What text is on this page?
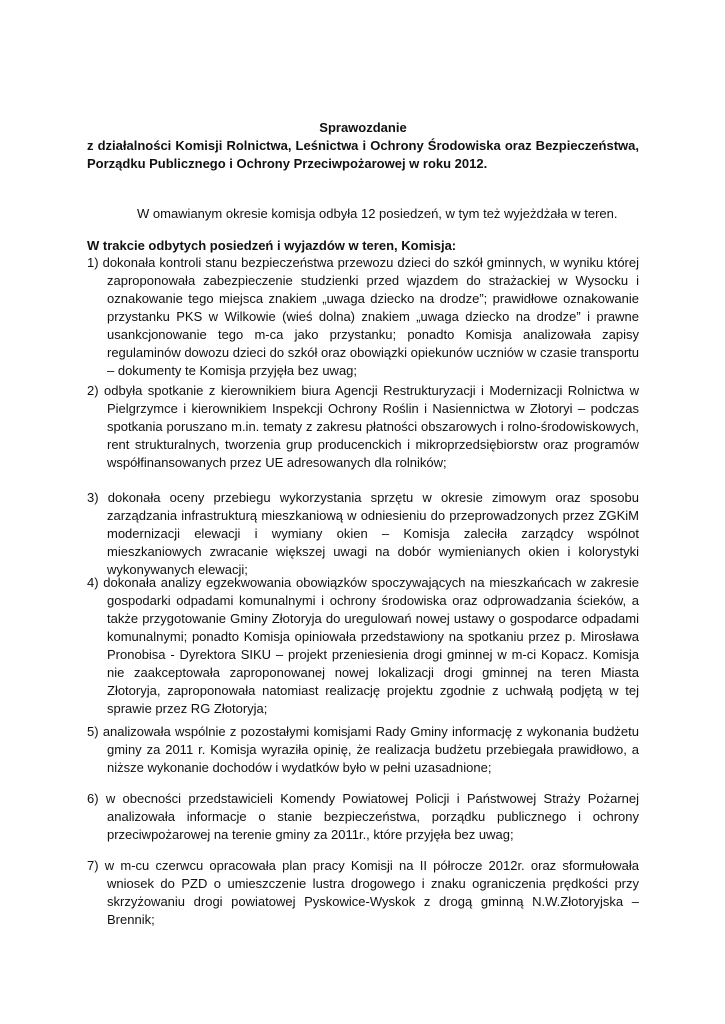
Sprawozdanie
z działalności Komisji Rolnictwa, Leśnictwa i Ochrony Środowiska oraz Bezpieczeństwa,
Porządku Publicznego i Ochrony Przeciwpożarowej w roku 2012.
W omawianym okresie komisja odbyła 12 posiedzeń, w tym też wyjeżdżała w teren.
W trakcie odbytych posiedzeń i wyjazdów w teren, Komisja:
1) dokonała kontroli stanu bezpieczeństwa przewozu dzieci do szkół gminnych, w wyniku której zaproponowała zabezpieczenie studzienki przed wjazdem do strażackiej w Wysocku i oznakowanie tego miejsca znakiem „uwaga dziecko na drodze”; prawidłowe oznakowanie przystanku PKS w Wilkowie (wieś dolna) znakiem „uwaga dziecko na drodze” i prawne usankcjonowanie tego m-ca jako przystanku; ponadto Komisja analizowała zapisy regulaminów dowozu dzieci do szkół oraz obowiązki opiekunów uczniów w czasie transportu – dokumenty te Komisja przyjęła bez uwag;
2) odbyła spotkanie z kierownikiem biura Agencji Restrukturyzacji i Modernizacji Rolnictwa w Pielgrzymce i kierownikiem Inspekcji Ochrony Roślin i Nasiennictwa w Złotoryi – podczas spotkania poruszano m.in. tematy z zakresu płatności obszarowych i rolno-środowiskowych, rent strukturalnych, tworzenia grup producenckich i mikroprzedsiębiorstw oraz programów współfinansowanych przez UE adresowanych dla rolników;
3) dokonała oceny przebiegu wykorzystania sprzętu w okresie zimowym oraz sposobu zarządzania infrastrukturą mieszkaniową w odniesieniu do przeprowadzonych przez ZGKiM modernizacji elewacji i wymiany okien – Komisja zaleciła zarządcy wspólnot mieszkaniowych zwracanie większej uwagi na dobór wymienianych okien i kolorystyki wykonywanych elewacji;
4) dokonała analizy egzekwowania obowiązków spoczywających na mieszkańcach w zakresie gospodarki odpadami komunalnymi i ochrony środowiska oraz odprowadzania ścieków, a także przygotowanie Gminy Złotoryja do uregulowań nowej ustawy o gospodarce odpadami komunalnymi; ponadto Komisja opiniowała przedstawiony na spotkaniu przez p. Mirosława Pronobisa - Dyrektora SIKU – projekt przeniesienia drogi gminnej w m-ci Kopacz. Komisja nie zaakceptowała zaproponowanej nowej lokalizacji drogi gminnej na teren Miasta Złotoryja, zaproponowała natomiast realizację projektu zgodnie z uchwałą podjętą w tej sprawie przez RG Złotoryja;
5) analizowała wspólnie z pozostałymi komisjami Rady Gminy informację z wykonania budżetu gminy za 2011 r. Komisja wyraziła opinię, że realizacja budżetu przebiegała prawidłowo, a niższe wykonanie dochodów i wydatków było w pełni uzasadnione;
6) w obecności przedstawicieli Komendy Powiatowej Policji i Państwowej Straży Pożarnej analizowała informacje o stanie bezpieczeństwa, porządku publicznego i ochrony przeciwpożarowej na terenie gminy za 2011r., które przyjęła bez uwag;
7) w m-cu czerwcu opracowała plan pracy Komisji na II półrocze 2012r. oraz sformułowała wniosek do PZD o umieszczenie lustra drogowego i znaku ograniczenia prędkości przy skrzyżowaniu drogi powiatowej Pyskowice-Wyskok z drogą gminną N.W.Złotoryjska – Brennik;
